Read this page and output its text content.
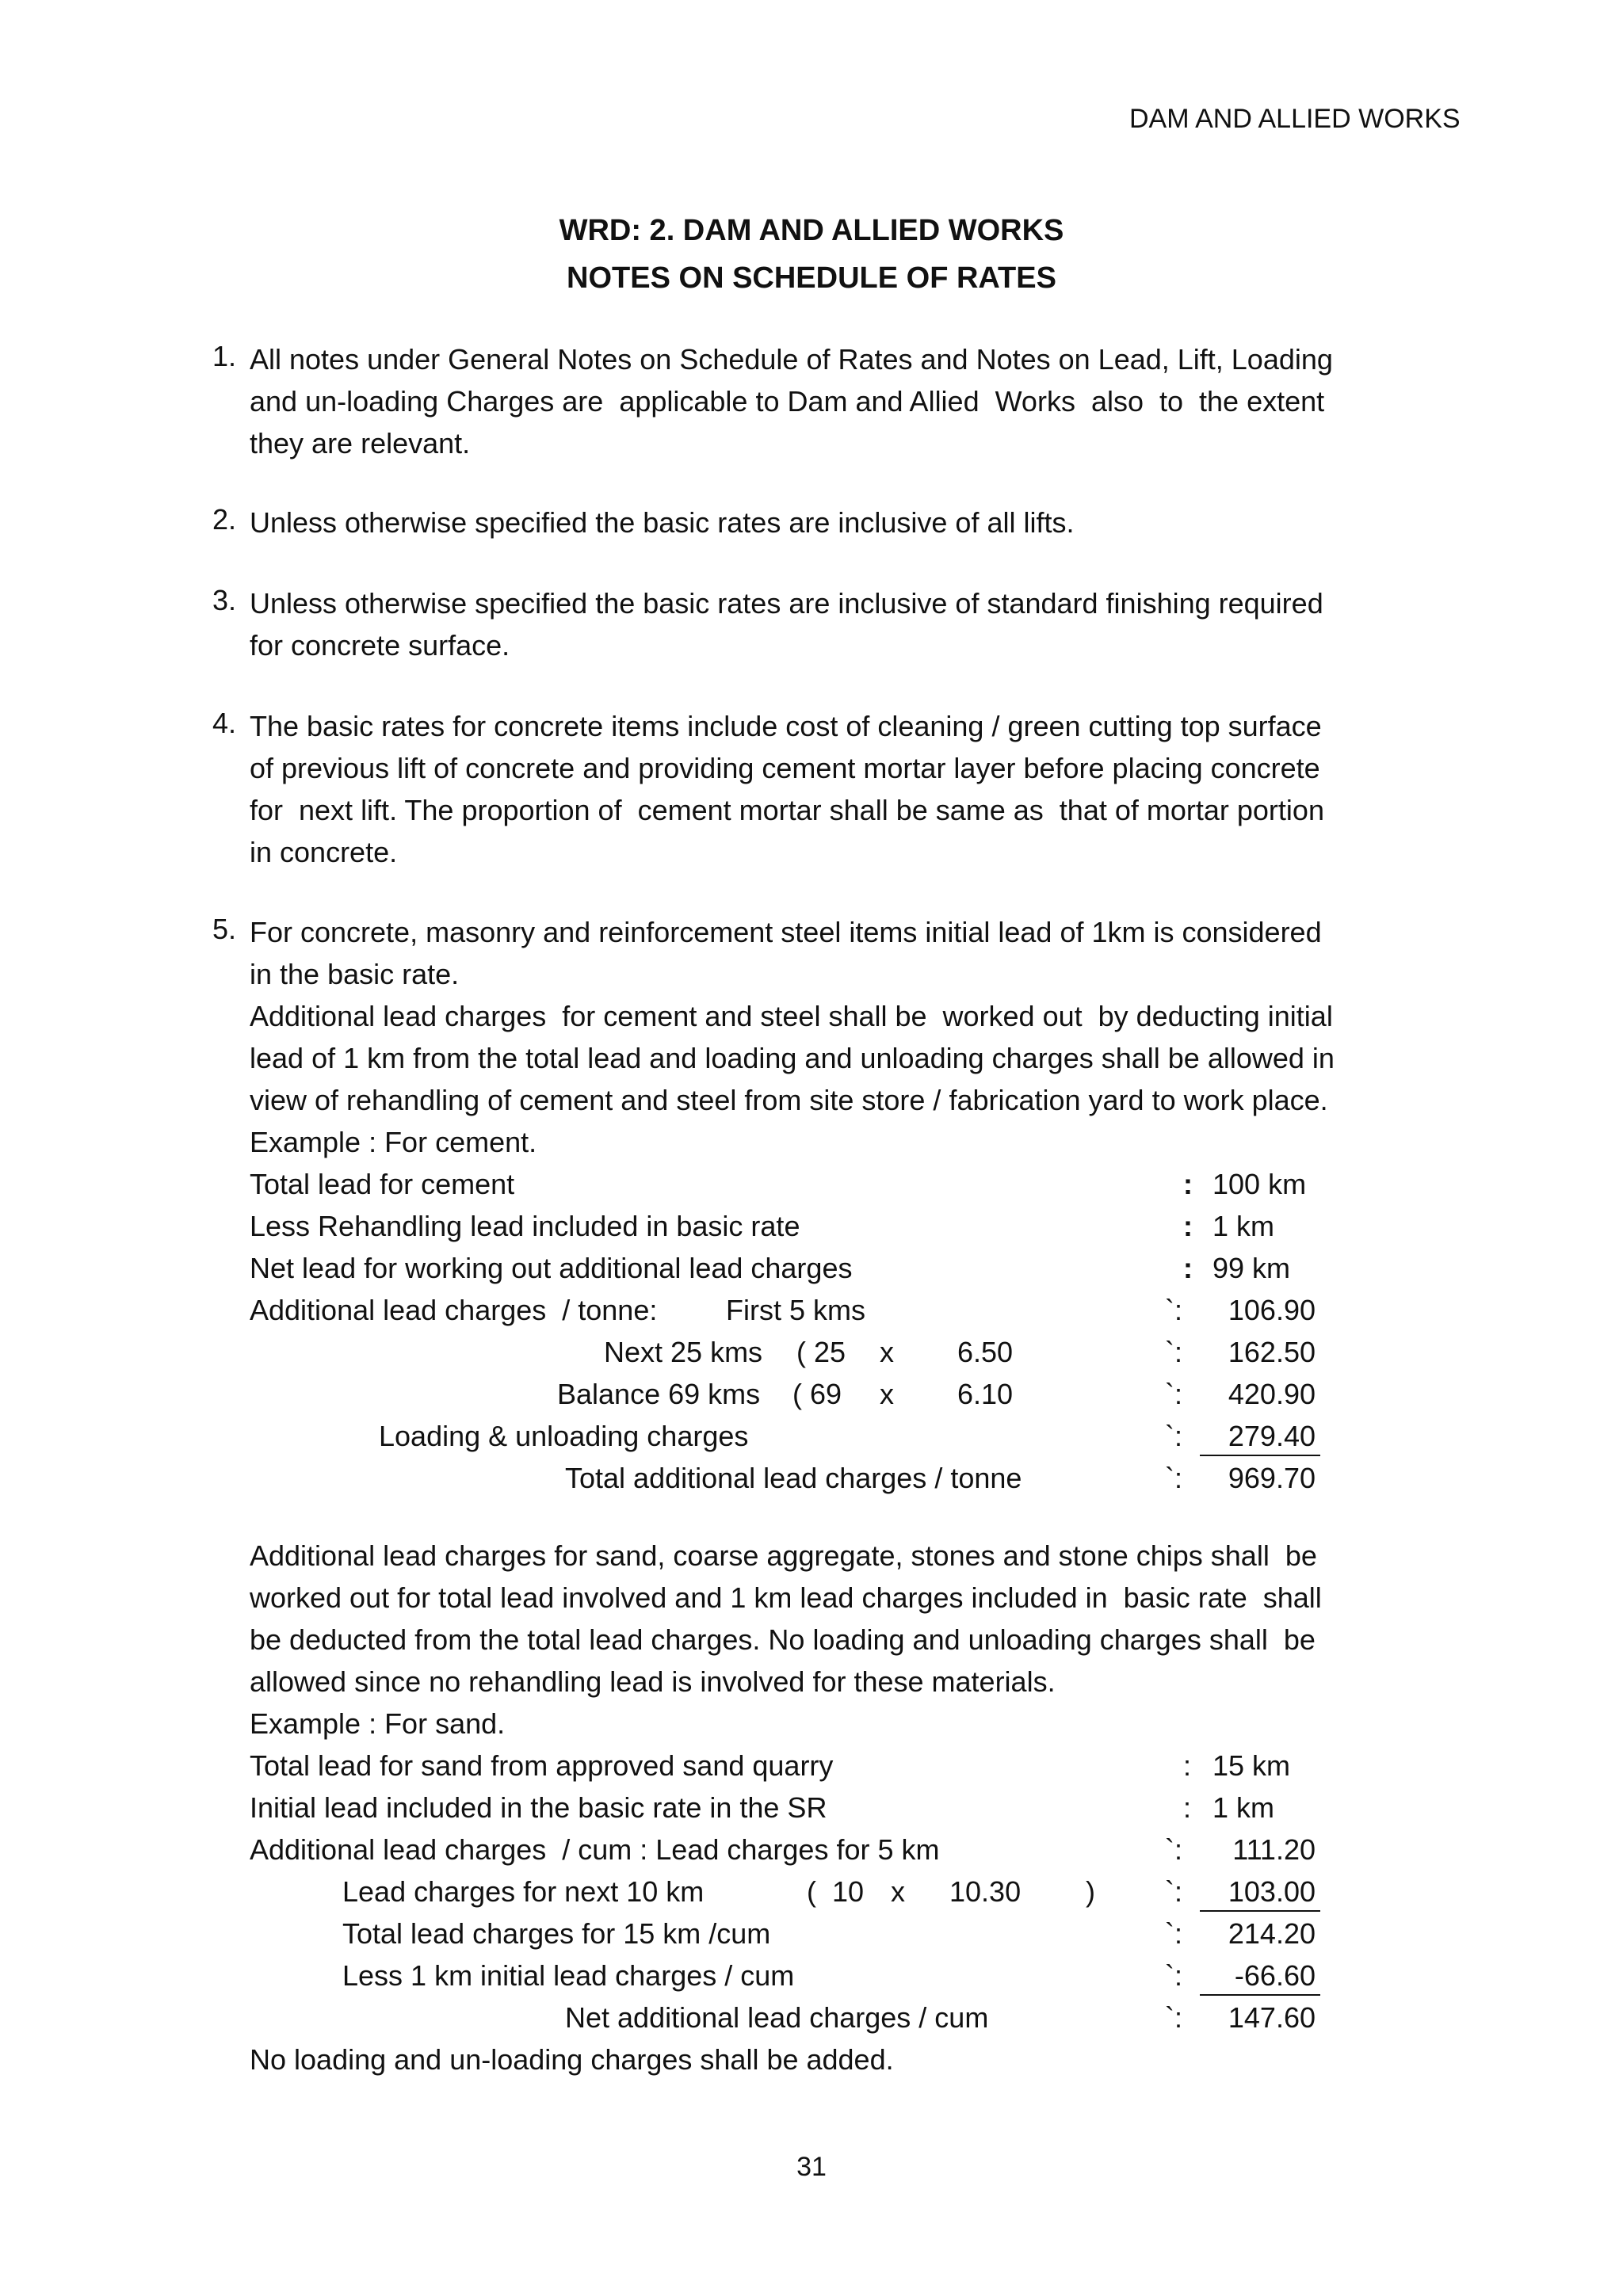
DAM AND ALLIED WORKS
WRD: 2. DAM AND ALLIED WORKS
NOTES ON SCHEDULE OF RATES
1. All notes under General Notes on Schedule of Rates and Notes on Lead, Lift, Loading
and un-loading Charges are  applicable to Dam and Allied  Works  also  to  the extent
they are relevant.
2. Unless otherwise specified the basic rates are inclusive of all lifts.
3. Unless otherwise specified the basic rates are inclusive of standard finishing required
for concrete surface.
4. The basic rates for concrete items include cost of cleaning / green cutting top surface
of previous lift of concrete and providing cement mortar layer before placing concrete
for  next lift. The proportion of  cement mortar shall be same as  that of mortar portion
in concrete.
5. For concrete, masonry and reinforcement steel items initial lead of 1km is considered
in the basic rate.
Additional lead charges  for cement and steel shall be  worked out  by deducting initial
lead of 1 km from the total lead and loading and unloading charges shall be allowed in
view of rehandling of cement and steel from site store / fabrication yard to work place.
Example : For cement.
Total lead for cement	: 100 km
Less Rehandling lead included in basic rate	: 1 km
Net lead for working out additional lead charges	: 99 km
Additional lead charges  / tonne: First 5 kms	`:	106.90
Next 25 kms ( 25 x 6.50	`:	162.50
Balance 69 kms ( 69 x 6.10	`:	420.90
Loading & unloading charges	`:	279.40
Total additional lead charges / tonne	`:	969.70
Additional lead charges for sand, coarse aggregate, stones and stone chips shall  be
worked out for total lead involved and 1 km lead charges included in  basic rate  shall
be deducted from the total lead charges. No loading and unloading charges shall  be
allowed since no rehandling lead is involved for these materials.
Example : For sand.
Total lead for sand from approved sand quarry	: 15 km
Initial lead included in the basic rate in the SR	: 1 km
Additional lead charges  / cum : Lead charges for 5 km	`:	111.20
Lead charges for next 10 km	(  10 x 10.30 ) `:	103.00
Total lead charges for 15 km /cum	`:	214.20
Less 1 km initial lead charges / cum	`:	-66.60
Net additional lead charges / cum	`:	147.60
No loading and un-loading charges shall be added.
31
